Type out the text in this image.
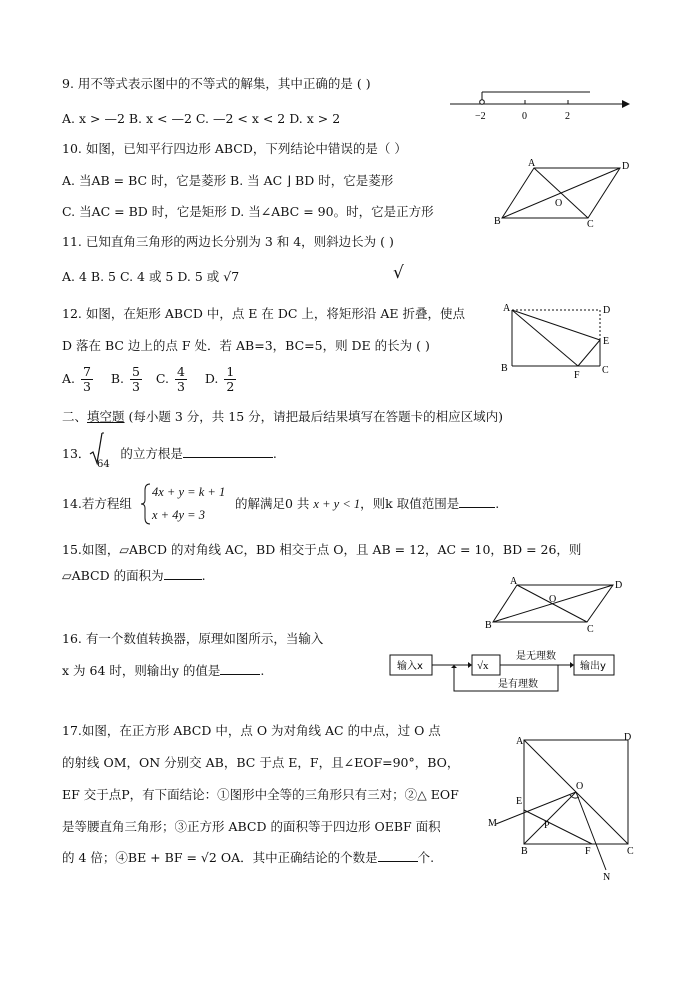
9. 用不等式表示图中的不等式的解集，其中正确的是 ( )
A. x > —2 B. x < —2 C. —2 < x < 2 D. x > 2	−2	0	2
10. 如图，已知平行四边形 ABCD，下列结论中错误的是（ ）
A. 当AB = BC 时，它是菱形 B. 当 AC ⌋ BD 时，它是菱形
C. 当AC = BD 时，它是矩形 D. 当∠ABC = 90。时，它是正方形
A	D
B	C
O
11. 已知直角三角形的两边长分别为 3 和 4，则斜边长为 ( )
A. 4 B. 5 C. 4 或 5 D. 5 或 √7	√
12. 如图，在矩形 ABCD 中，点 E 在 DC 上，将矩形沿 AE 折叠，使点
D 落在 BC 边上的点 F 处．若 AB=3，BC=5，则 DE 的长为 ( )
A. $\frac{7}{3} B$. $\frac{5}{3} C$. $\frac{4}{3} D$. $\frac{1}{2}$
A	D
E
B
F C
二、填空题 (每小题 3 分，共 15 分，请把最后结果填写在答题卡的相应区域内)
13． 的立方根是	.
64
14.若方程组
4x + y = k + 1
x + 4y = 3
的解满足0 共 x + y < 1，则k 取值范围是	.
15.如图，▱ABCD 的对角线 AC，BD 相交于点 O，且 AB = 12，AC = 10，BD = 26，则
▱ABCD 的面积为	.	A	D
O
B	C
16. 有一个数值转换器，原理如图所示，当输入
x 为 64 时，则输出y 的值是	.	输入x	√x	输出y
是无理数
是有理数
17.如图，在正方形 ABCD 中，点 O 为对角线 AC 的中点，过 O 点
的射线 OM，ON 分别交 AB，BC 于点 E，F，且∠EOF=90°，BO，
EF 交于点P，有下面结论：①图形中全等的三角形只有三对；②△ EOF
是等腰直角三角形；③正方形 ABCD 的面积等于四边形 OEBF 面积
的 4 倍；④BE + BF = √2 OA．其中正确结论的个数是	个.
A	D
O
E
M	P
B	F	C
N
